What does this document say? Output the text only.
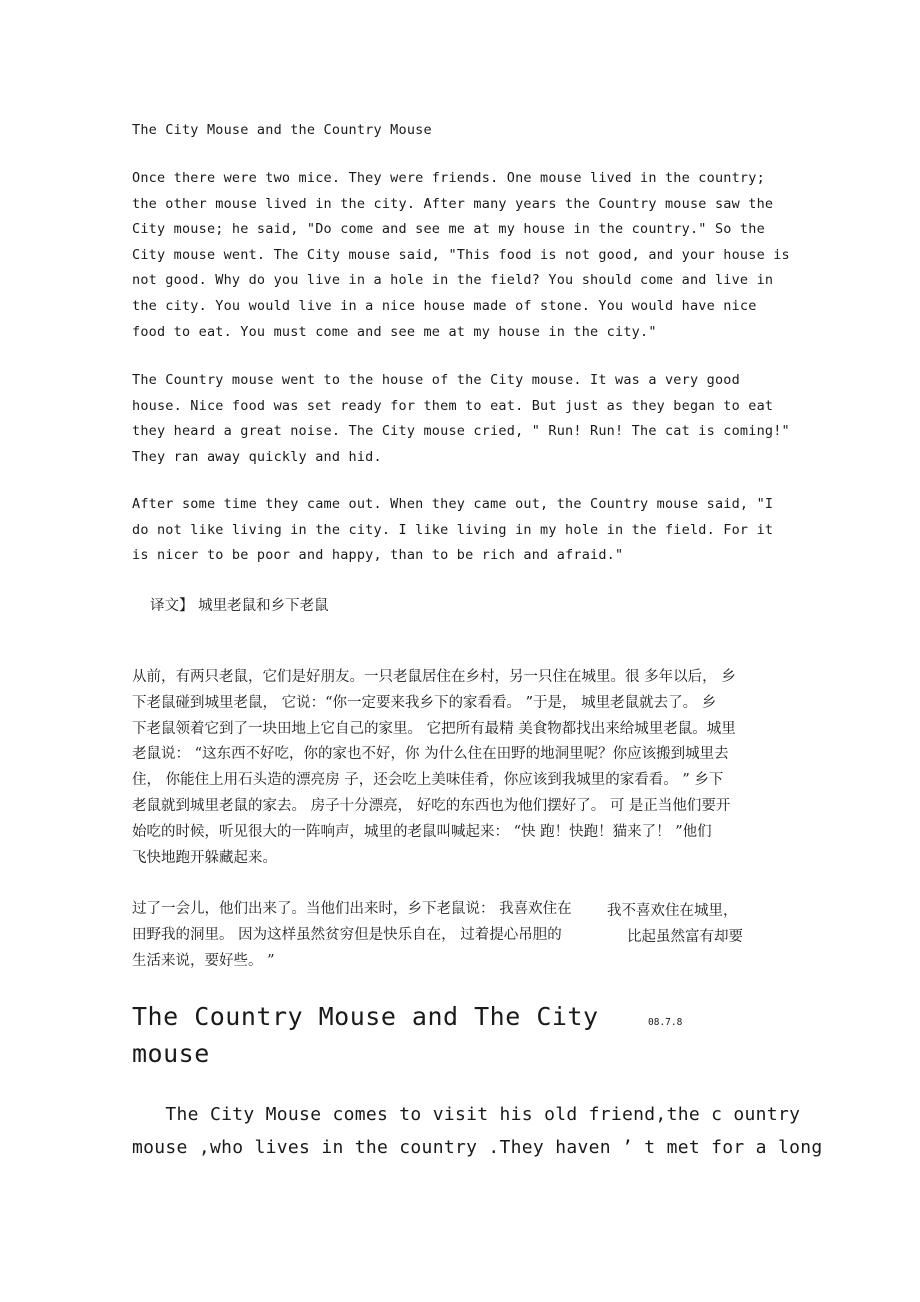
The City Mouse and the Country Mouse
Once there were two mice. They were friends. One mouse lived in the country;
the other mouse lived in the city. After many years the Country mouse saw the
City mouse; he said, "Do come and see me at my house in the country." So the
City mouse went. The City mouse said, "This food is not good, and your house is
not good. Why do you live in a hole in the field? You should come and live in
the city. You would live in a nice house made of stone. You would have nice
food to eat. You must come and see me at my house in the city."
The Country mouse went to the house of the City mouse. It was a very good
house. Nice food was set ready for them to eat. But just as they began to eat
they heard a great noise. The City mouse cried, " Run! Run! The cat is coming!"
They ran away quickly and hid.
After some time they came out. When they came out, the Country mouse said, "I
do not like living in the city. I like living in my hole in the field. For it
is nicer to be poor and happy, than to be rich and afraid."
译文】 城里老鼠和乡下老鼠
从前，有两只老鼠，它们是好朋友。一只老鼠居住在乡村，另一只住在城里。很 多年以后， 乡
下老鼠碰到城里老鼠， 它说：“你一定要来我乡下的家看看。 ”于是， 城里老鼠就去了。 乡
下老鼠领着它到了一块田地上它自己的家里。 它把所有最精 美食物都找出来给城里老鼠。城里
老鼠说： “这东西不好吃，你的家也不好，你 为什么住在田野的地洞里呢？你应该搬到城里去
住， 你能住上用石头造的漂亮房 子，还会吃上美味佳肴，你应该到我城里的家看看。 ” 乡下
老鼠就到城里老鼠的家去。 房子十分漂亮， 好吃的东西也为他们摆好了。 可 是正当他们要开
始吃的时候，听见很大的一阵响声，城里的老鼠叫喊起来： “快 跑！快跑！猫来了！ ”他们
飞快地跑开躲藏起来。
过了一会儿，他们出来了。当他们出来时，乡下老鼠说： 我喜欢住在
田野我的洞里。 因为这样虽然贫穷但是快乐自在， 过着提心吊胆的
生活来说，要好些。 ”
我不喜欢住在城里，
比起虽然富有却要
The Country Mouse and The City
mouse
08.7.8
The City Mouse comes to visit his old friend,the c ountry
mouse ,who lives in the country .They haven ’ t met for a long
